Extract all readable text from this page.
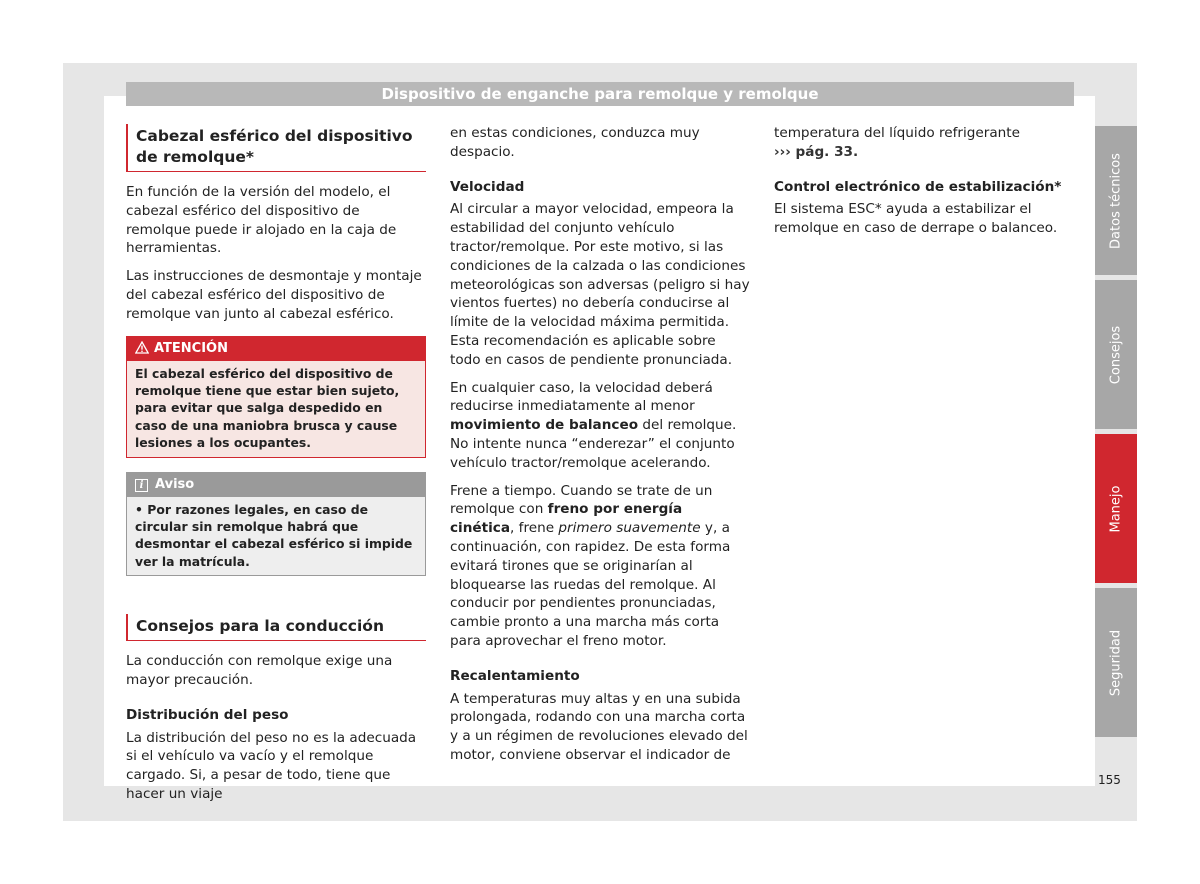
Dispositivo de enganche para remolque y remolque
Cabezal esférico del dispositivo de remolque*

En función de la versión del modelo, el cabezal esférico del dispositivo de remolque puede ir alojado en la caja de herramientas.

Las instrucciones de desmontaje y montaje del cabezal esférico del dispositivo de remolque van junto al cabezal esférico.

ATENCIÓN
El cabezal esférico del dispositivo de remolque tiene que estar bien sujeto, para evitar que salga despedido en caso de una maniobra brusca y cause lesiones a los ocupantes.
i Aviso
• Por razones legales, en caso de circular sin remolque habrá que desmontar el cabezal esférico si impide ver la matrícula.
Consejos para la conducción

La conducción con remolque exige una mayor precaución.

Distribución del peso

La distribución del peso no es la adecuada si el vehículo va vacío y el remolque cargado. Si, a pesar de todo, tiene que hacer un viaje

en estas condiciones, conduzca muy despacio.

Velocidad

Al circular a mayor velocidad, empeora la estabilidad del conjunto vehículo tractor/remolque. Por este motivo, si las condiciones de la calzada o las condiciones meteorológicas son adversas (peligro si hay vientos fuertes) no debería conducirse al límite de la velocidad máxima permitida. Esta recomendación es aplicable sobre todo en casos de pendiente pronunciada.

En cualquier caso, la velocidad deberá reducirse inmediatamente al menor movimiento de balanceo del remolque. No intente nunca “enderezar” el conjunto vehículo tractor/remolque acelerando.

Frene a tiempo. Cuando se trate de un remolque con freno por energía cinética, frene primero suavemente y, a continuación, con rapidez. De esta forma evitará tirones que se originarían al bloquearse las ruedas del remolque. Al conducir por pendientes pronunciadas, cambie pronto a una marcha más corta para aprovechar el freno motor.

Recalentamiento

A temperaturas muy altas y en una subida prolongada, rodando con una marcha corta y a un régimen de revoluciones elevado del motor, conviene observar el indicador de

temperatura del líquido refrigerante
››› pág. 33.

Control electrónico de estabilización*

El sistema ESC* ayuda a estabilizar el remolque en caso de derrape o balanceo.	Datos técnicos
Consejos
Manejo
Seguridad
155
